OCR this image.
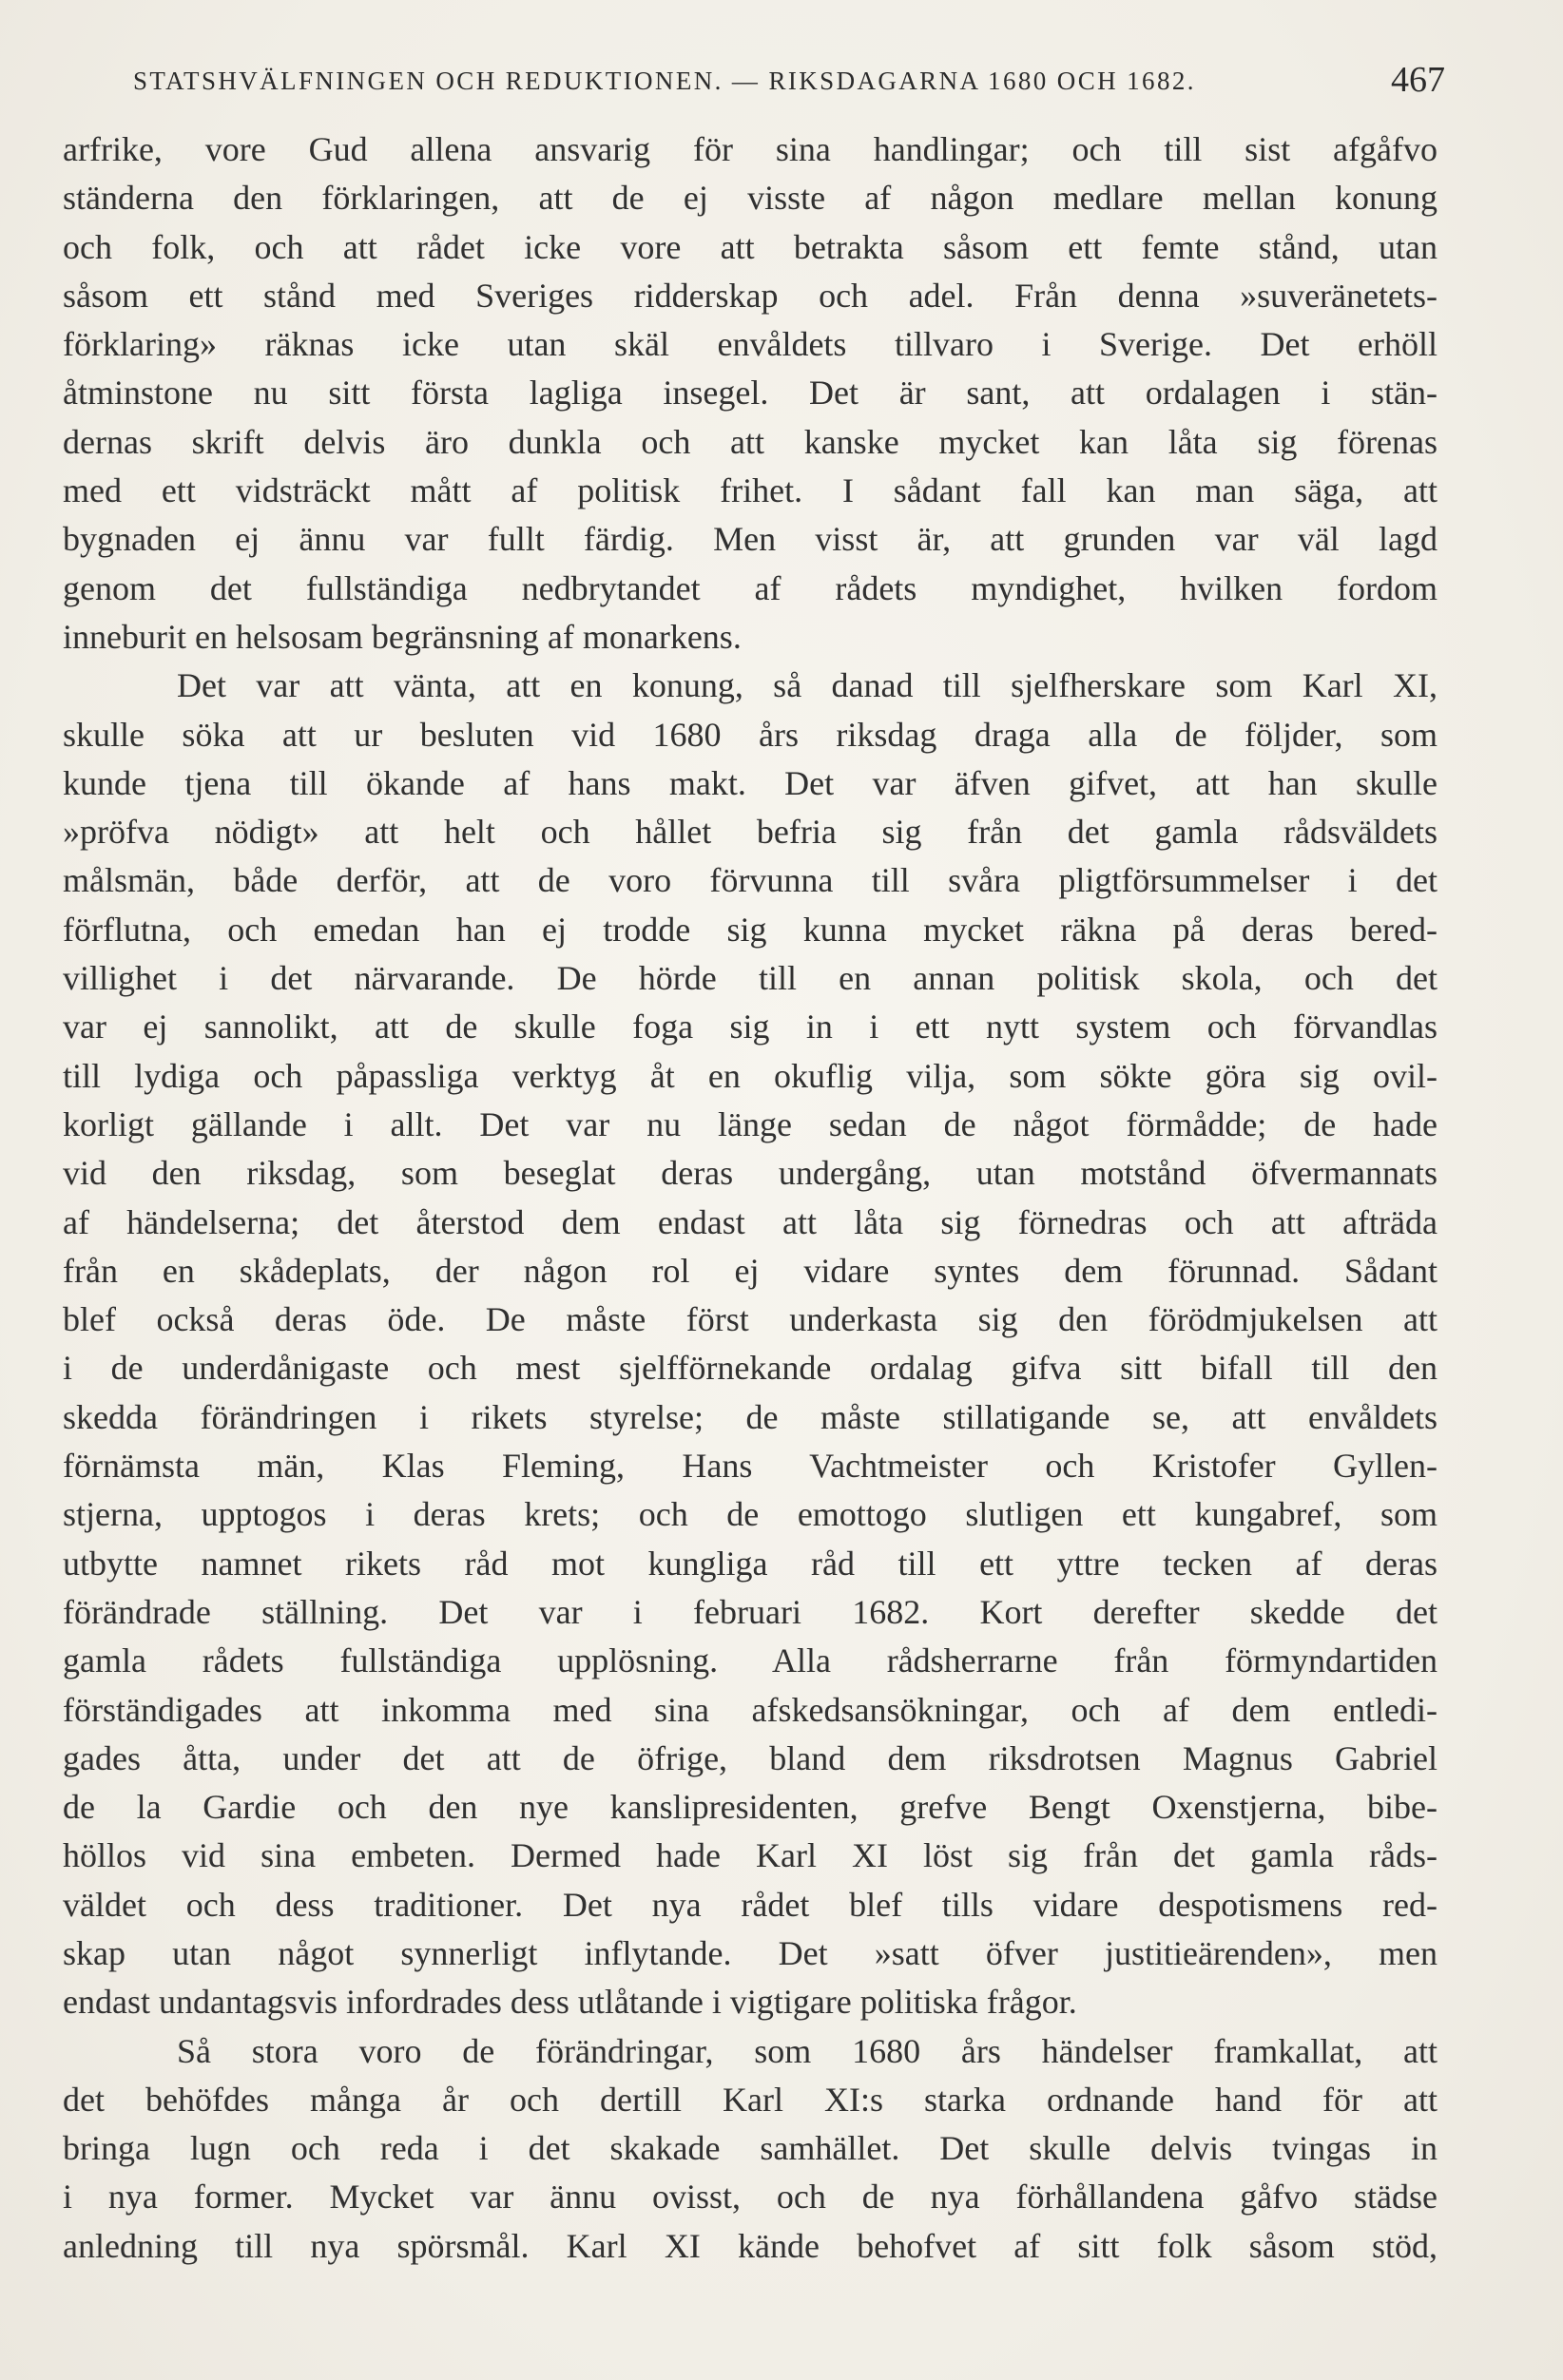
STATSHVÄLFNINGEN OCH REDUKTIONEN. — RIKSDAGARNA 1680 OCH 1682.	467
arfrike, vore Gud allena ansvarig för sina handlingar; och till sist afgåfvo
ständerna den förklaringen, att de ej visste af någon medlare mellan konung
och folk, och att rådet icke vore att betrakta såsom ett femte stånd, utan
såsom ett stånd med Sveriges ridderskap och adel. Från denna »suveränetets-
förklaring» räknas icke utan skäl envåldets tillvaro i Sverige. Det erhöll
åtminstone nu sitt första lagliga insegel. Det är sant, att ordalagen i stän-
dernas skrift delvis äro dunkla och att kanske mycket kan låta sig förenas
med ett vidsträckt mått af politisk frihet. I sådant fall kan man säga, att
bygnaden ej ännu var fullt färdig. Men visst är, att grunden var väl lagd
genom det fullständiga nedbrytandet af rådets myndighet, hvilken fordom
inneburit en helsosam begränsning af monarkens.
Det var att vänta, att en konung, så danad till sjelfherskare som Karl XI,
skulle söka att ur besluten vid 1680 års riksdag draga alla de följder, som
kunde tjena till ökande af hans makt. Det var äfven gifvet, att han skulle
»pröfva nödigt» att helt och hållet befria sig från det gamla rådsväldets
målsmän, både derför, att de voro förvunna till svåra pligtförsummelser i det
förflutna, och emedan han ej trodde sig kunna mycket räkna på deras bered-
villighet i det närvarande. De hörde till en annan politisk skola, och det
var ej sannolikt, att de skulle foga sig in i ett nytt system och förvandlas
till lydiga och påpassliga verktyg åt en okuflig vilja, som sökte göra sig ovil-
korligt gällande i allt. Det var nu länge sedan de något förmådde; de hade
vid den riksdag, som beseglat deras undergång, utan motstånd öfvermannats
af händelserna; det återstod dem endast att låta sig förnedras och att afträda
från en skådeplats, der någon rol ej vidare syntes dem förunnad. Sådant
blef också deras öde. De måste först underkasta sig den förödmjukelsen att
i de underdånigaste och mest sjelfförnekande ordalag gifva sitt bifall till den
skedda förändringen i rikets styrelse; de måste stillatigande se, att envåldets
förnämsta män, Klas Fleming, Hans Vachtmeister och Kristofer Gyllen-
stjerna, upptogos i deras krets; och de emottogo slutligen ett kungabref, som
utbytte namnet rikets råd mot kungliga råd till ett yttre tecken af deras
förändrade ställning. Det var i februari 1682. Kort derefter skedde det
gamla rådets fullständiga upplösning. Alla rådsherrarne från förmyndartiden
förständigades att inkomma med sina afskedsansökningar, och af dem entledi-
gades åtta, under det att de öfrige, bland dem riksdrotsen Magnus Gabriel
de la Gardie och den nye kanslipresidenten, grefve Bengt Oxenstjerna, bibe-
höllos vid sina embeten. Dermed hade Karl XI löst sig från det gamla råds-
väldet och dess traditioner. Det nya rådet blef tills vidare despotismens red-
skap utan något synnerligt inflytande. Det »satt öfver justitieärenden», men
endast undantagsvis infordrades dess utlåtande i vigtigare politiska frågor.
Så stora voro de förändringar, som 1680 års händelser framkallat, att
det behöfdes många år och dertill Karl XI:s starka ordnande hand för att
bringa lugn och reda i det skakade samhället. Det skulle delvis tvingas in
i nya former. Mycket var ännu ovisst, och de nya förhållandena gåfvo städse
anledning till nya spörsmål. Karl XI kände behofvet af sitt folk såsom stöd,
